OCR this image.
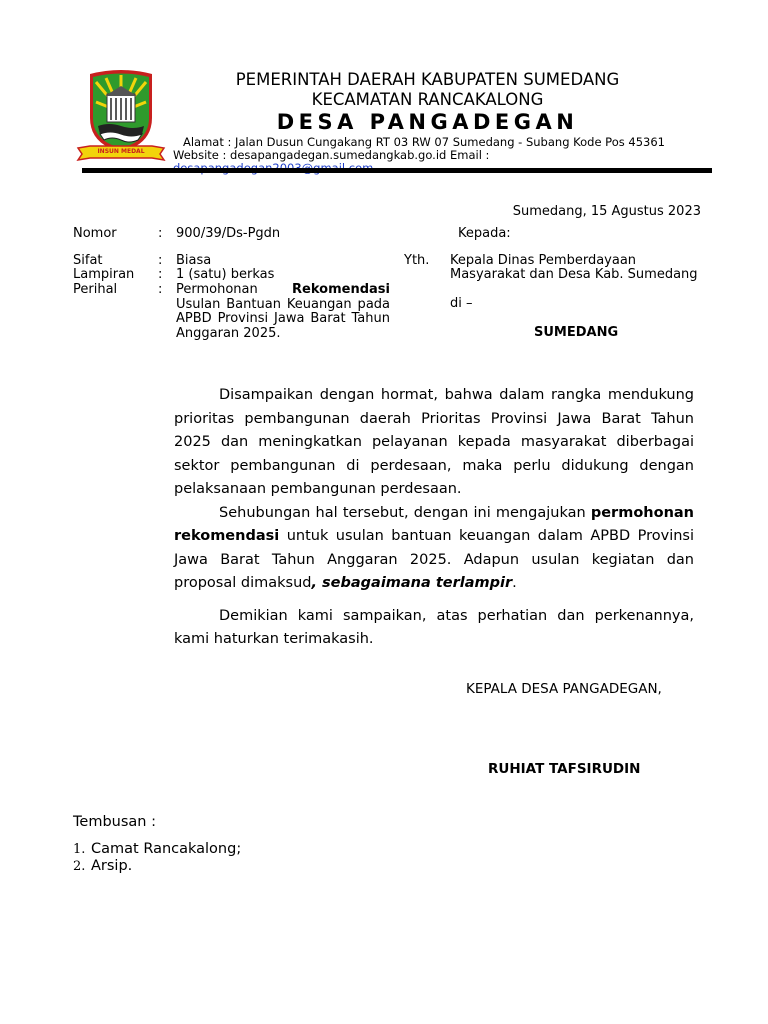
INSUN MEDAL
PEMERINTAH DAERAH KABUPATEN SUMEDANG
KECAMATAN RANCAKALONG
DESA PANGADEGAN
Alamat : Jalan Dusun Cungakang RT 03 RW 07 Sumedang - Subang Kode Pos 45361
Website : desapangadegan.sumedangkab.go.id Email :
Sumedang, 15 Agustus 2023
Nomor	: 900/39/Ds-Pgdn
Sifat	: Biasa
Lampiran : 1 (satu) berkas
Perihal	: Permohonan	Rekomendasi
Usulan Bantuan Keuangan pada
APBD Provinsi Jawa Barat Tahun
Anggaran 2025.
Kepada:
Yth. Kepala Dinas Pemberdayaan
Masyarakat dan Desa Kab. Sumedang
di –
SUMEDANG

Disampaikan dengan hormat, bahwa dalam rangka mendukung prioritas pembangunan daerah Prioritas Provinsi Jawa Barat Tahun 2025 dan meningkatkan pelayanan kepada masyarakat diberbagai sektor pembangunan di perdesaan, maka perlu didukung dengan pelaksanaan pembangunan perdesaan.

Sehubungan hal tersebut, dengan ini mengajukan permohonan rekomendasi untuk usulan bantuan keuangan dalam APBD Provinsi Jawa Barat Tahun Anggaran 2025. Adapun usulan kegiatan dan proposal dimaksud, sebagaimana terlampir.

Demikian kami sampaikan, atas perhatian dan perkenannya, kami haturkan terimakasih.

KEPALA DESA PANGADEGAN,
RUHIAT TAFSIRUDIN
Tembusan :
1. Camat Rancakalong;
2. Arsip.
